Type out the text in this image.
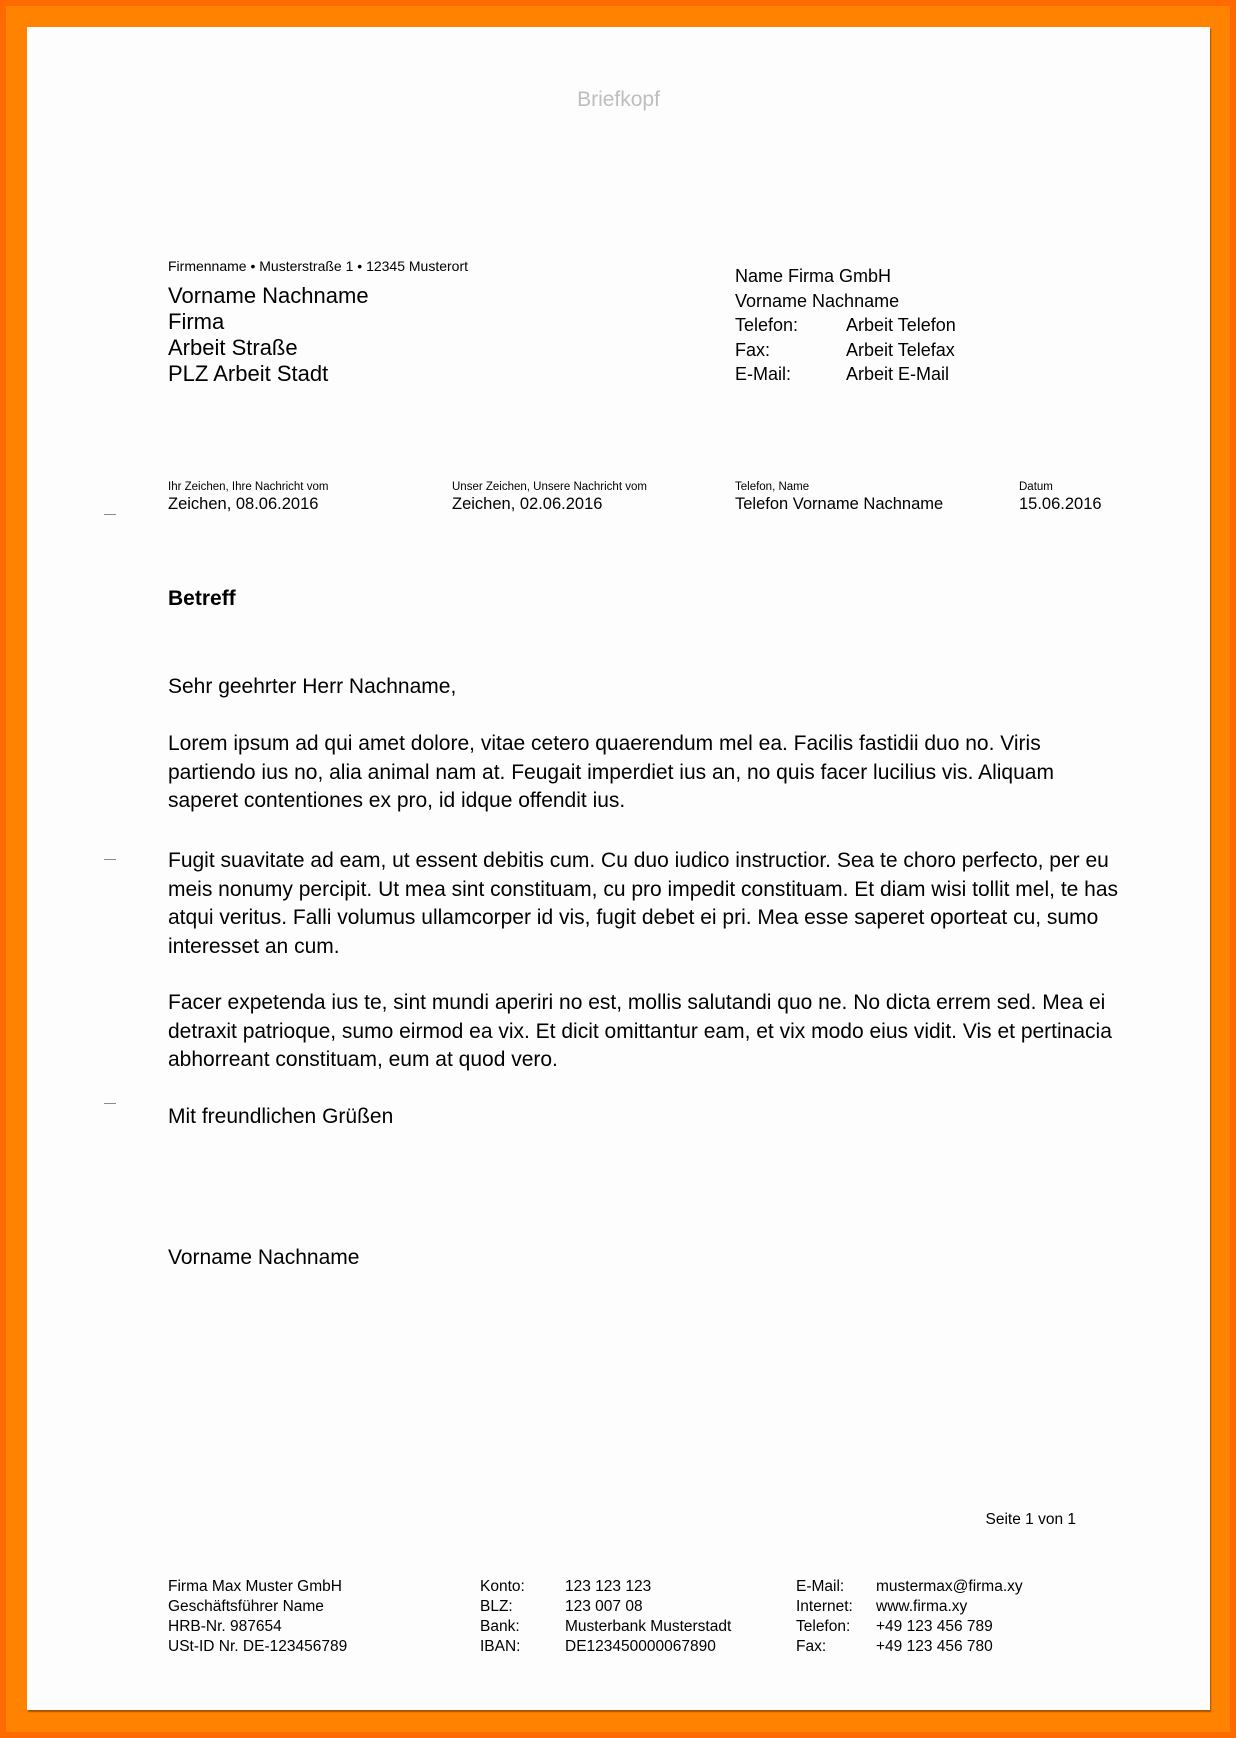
Briefkopf
Firmenname • Musterstraße 1 • 12345 Musterort
Vorname Nachname
Firma
Arbeit Straße
PLZ Arbeit Stadt
Name Firma GmbH
Vorname Nachname
Telefon:	Arbeit Telefon
Fax:	Arbeit Telefax
E-Mail:	Arbeit E-Mail
Ihr Zeichen, Ihre Nachricht vom
Zeichen, 08.06.2016
Unser Zeichen, Unsere Nachricht vom
Zeichen, 02.06.2016
Telefon, Name
Telefon Vorname Nachname
Datum
15.06.2016
Betreff
Sehr geehrter Herr Nachname,
Lorem ipsum ad qui amet dolore, vitae cetero quaerendum mel ea. Facilis fastidii duo no. Viris partiendo ius no, alia animal nam at. Feugait imperdiet ius an, no quis facer lucilius vis. Aliquam saperet contentiones ex pro, id idque offendit ius.
Fugit suavitate ad eam, ut essent debitis cum. Cu duo iudico instructior. Sea te choro perfecto, per eu meis nonumy percipit. Ut mea sint constituam, cu pro impedit constituam. Et diam wisi tollit mel, te has atqui veritus. Falli volumus ullamcorper id vis, fugit debet ei pri. Mea esse saperet oporteat cu, sumo interesset an cum.
Facer expetenda ius te, sint mundi aperiri no est, mollis salutandi quo ne. No dicta errem sed. Mea ei detraxit patrioque, sumo eirmod ea vix. Et dicit omittantur eam, et vix modo eius vidit. Vis et pertinacia abhorreant constituam, eum at quod vero.
Mit freundlichen Grüßen
Vorname Nachname
Seite 1 von 1
Firma Max Muster GmbH
Geschäftsführer Name
HRB-Nr. 987654
USt-ID Nr. DE-123456789
Konto:	123 123 123
BLZ:	123 007 08
Bank:	Musterbank Musterstadt
IBAN:	DE123450000067890
E-Mail:	mustermax@firma.xy
Internet:	www.firma.xy
Telefon:	+49 123 456 789
Fax:	+49 123 456 780
